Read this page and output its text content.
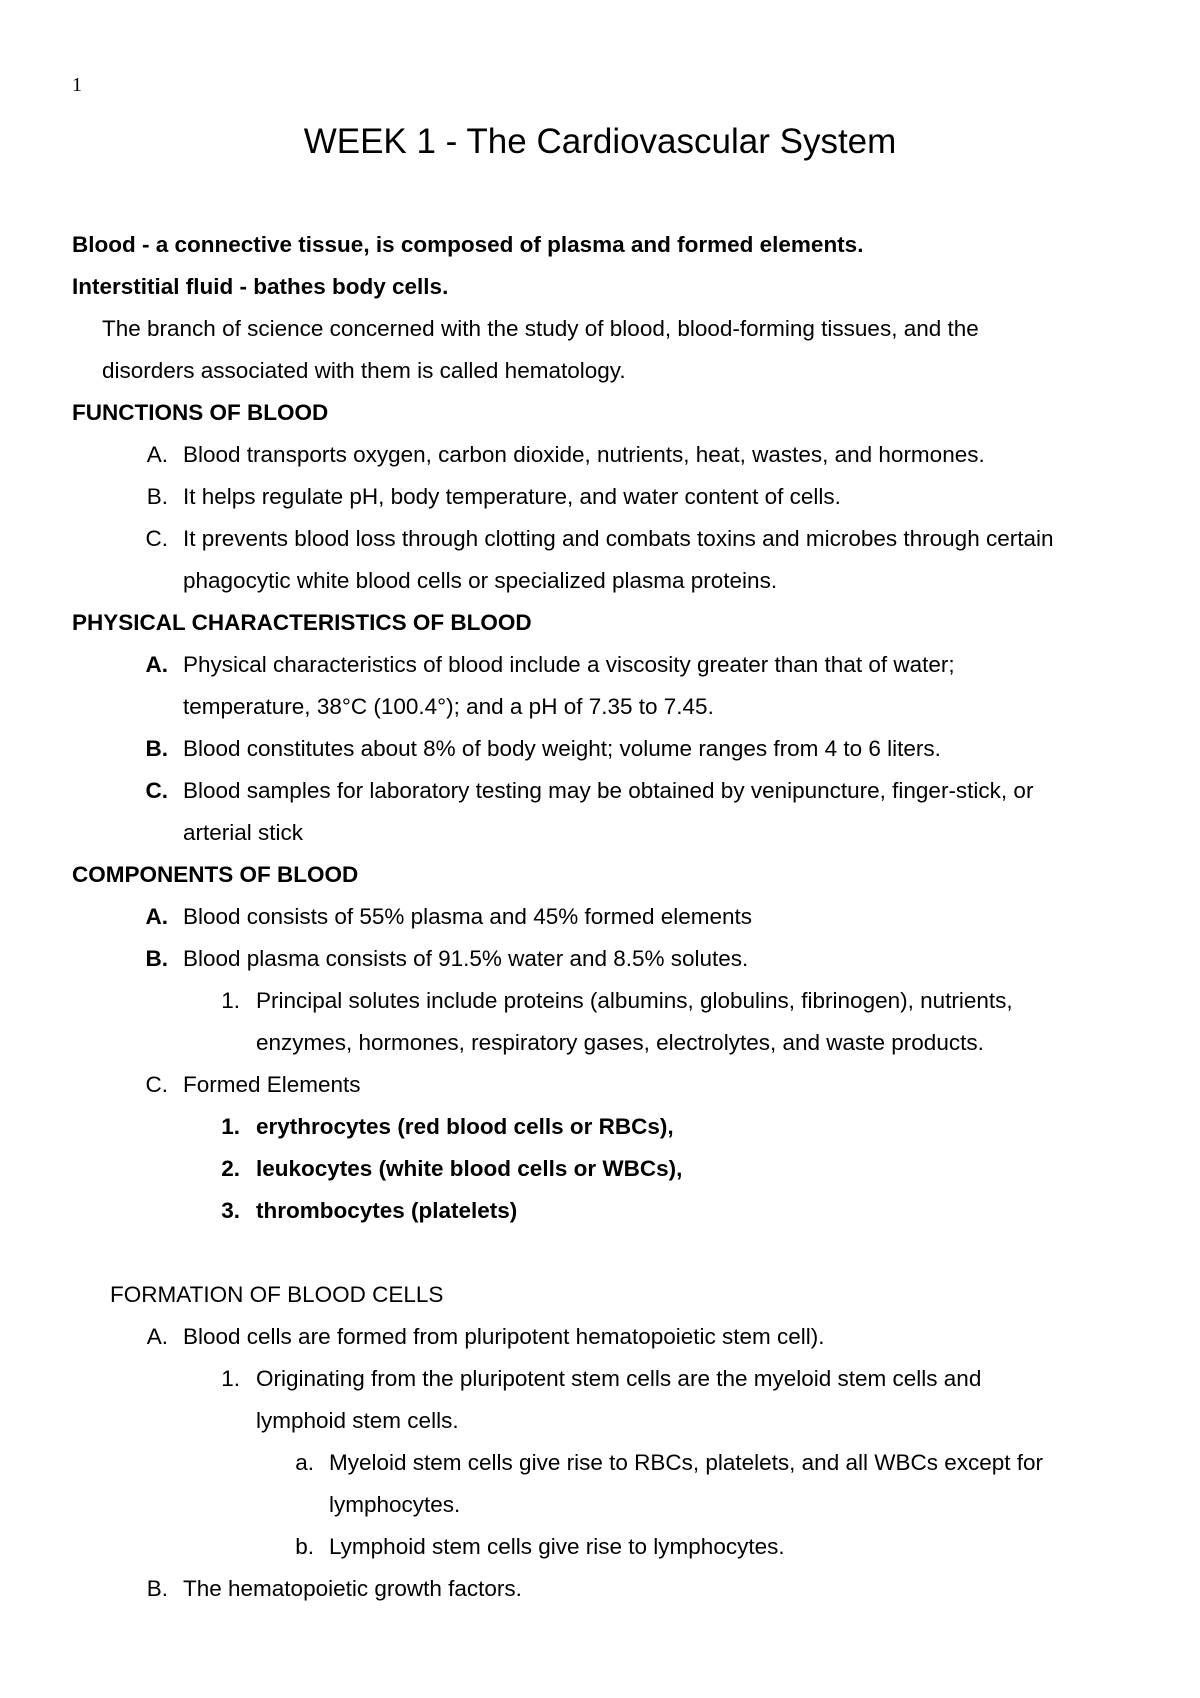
1
WEEK 1 - The Cardiovascular System
Blood - a connective tissue, is composed of plasma and formed elements.
Interstitial fluid - bathes body cells.
The branch of science concerned with the study of blood, blood-forming tissues, and the
disorders associated with them is called hematology.
FUNCTIONS OF BLOOD
A. Blood transports oxygen, carbon dioxide, nutrients, heat, wastes, and hormones.
B. It helps regulate pH, body temperature, and water content of cells.
C. It prevents blood loss through clotting and combats toxins and microbes through certain
phagocytic white blood cells or specialized plasma proteins.
PHYSICAL CHARACTERISTICS OF BLOOD
A. Physical characteristics of blood include a viscosity greater than that of water;
temperature, 38°C (100.4°); and a pH of 7.35 to 7.45.
B. Blood constitutes about 8% of body weight; volume ranges from 4 to 6 liters.
C. Blood samples for laboratory testing may be obtained by venipuncture, finger-stick, or
arterial stick
COMPONENTS OF BLOOD
A. Blood consists of 55% plasma and 45% formed elements
B. Blood plasma consists of 91.5% water and 8.5% solutes.
1. Principal solutes include proteins (albumins, globulins, fibrinogen), nutrients,
enzymes, hormones, respiratory gases, electrolytes, and waste products.
C. Formed Elements
1. erythrocytes (red blood cells or RBCs),
2. leukocytes (white blood cells or WBCs),
3. thrombocytes (platelets)
FORMATION OF BLOOD CELLS
A. Blood cells are formed from pluripotent hematopoietic stem cell).
1. Originating from the pluripotent stem cells are the myeloid stem cells and
lymphoid stem cells.
a. Myeloid stem cells give rise to RBCs, platelets, and all WBCs except for
lymphocytes.
b. Lymphoid stem cells give rise to lymphocytes.
B. The hematopoietic growth factors.
